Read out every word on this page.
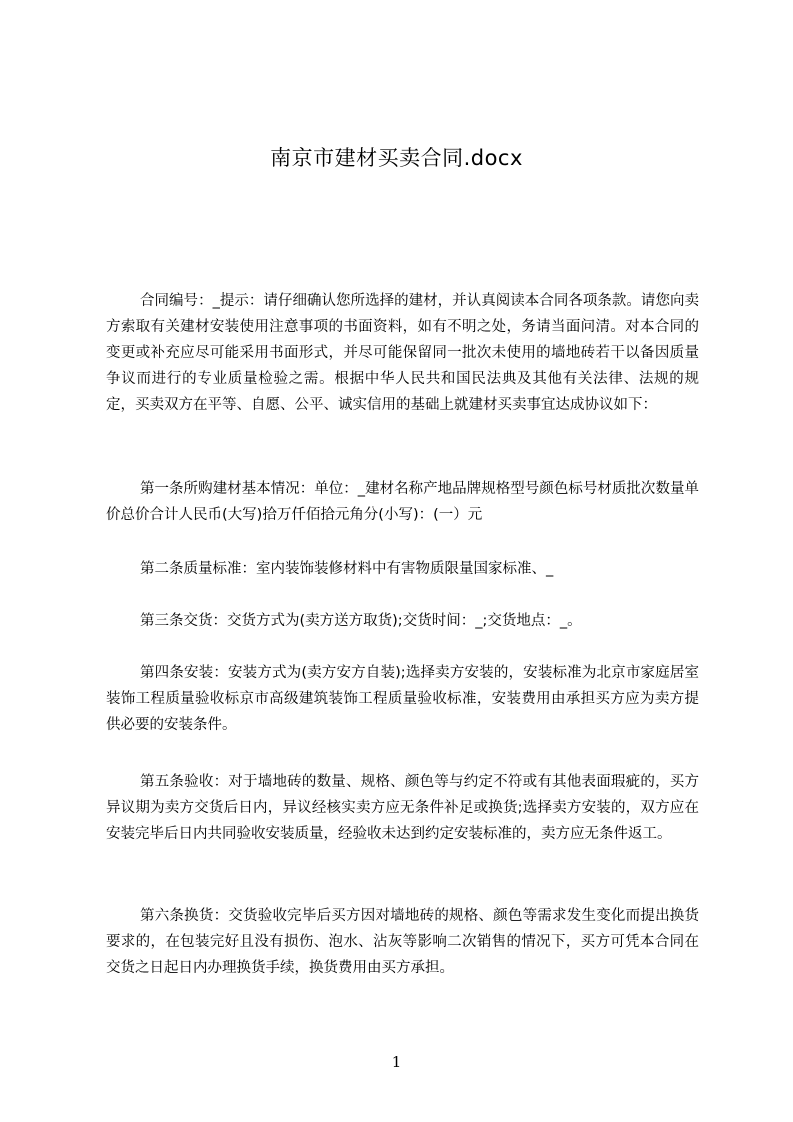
南京市建材买卖合同.docx
合同编号：_提示：请仔细确认您所选择的建材，并认真阅读本合同各项条款。请您向卖方索取有关建材安装使用注意事项的书面资料，如有不明之处，务请当面问清。对本合同的变更或补充应尽可能采用书面形式，并尽可能保留同一批次未使用的墙地砖若干以备因质量争议而进行的专业质量检验之需。根据中华人民共和国民法典及其他有关法律、法规的规定，买卖双方在平等、自愿、公平、诚实信用的基础上就建材买卖事宜达成协议如下：
第一条所购建材基本情况：单位：_建材名称产地品牌规格型号颜色标号材质批次数量单价总价合计人民币(大写)拾万仟佰拾元角分(小写)：(一）元
第二条质量标准：室内装饰装修材料中有害物质限量国家标准、_
第三条交货：交货方式为(卖方送方取货);交货时间：_;交货地点：_。
第四条安装：安装方式为(卖方安方自装);选择卖方安装的，安装标准为北京市家庭居室装饰工程质量验收标京市高级建筑装饰工程质量验收标准，安装费用由承担买方应为卖方提供必要的安装条件。
第五条验收：对于墙地砖的数量、规格、颜色等与约定不符或有其他表面瑕疵的，买方异议期为卖方交货后日内，异议经核实卖方应无条件补足或换货;选择卖方安装的，双方应在安装完毕后日内共同验收安装质量，经验收未达到约定安装标准的，卖方应无条件返工。
第六条换货：交货验收完毕后买方因对墙地砖的规格、颜色等需求发生变化而提出换货要求的，在包装完好且没有损伤、泡水、沾灰等影响二次销售的情况下，买方可凭本合同在交货之日起日内办理换货手续，换货费用由买方承担。
1
